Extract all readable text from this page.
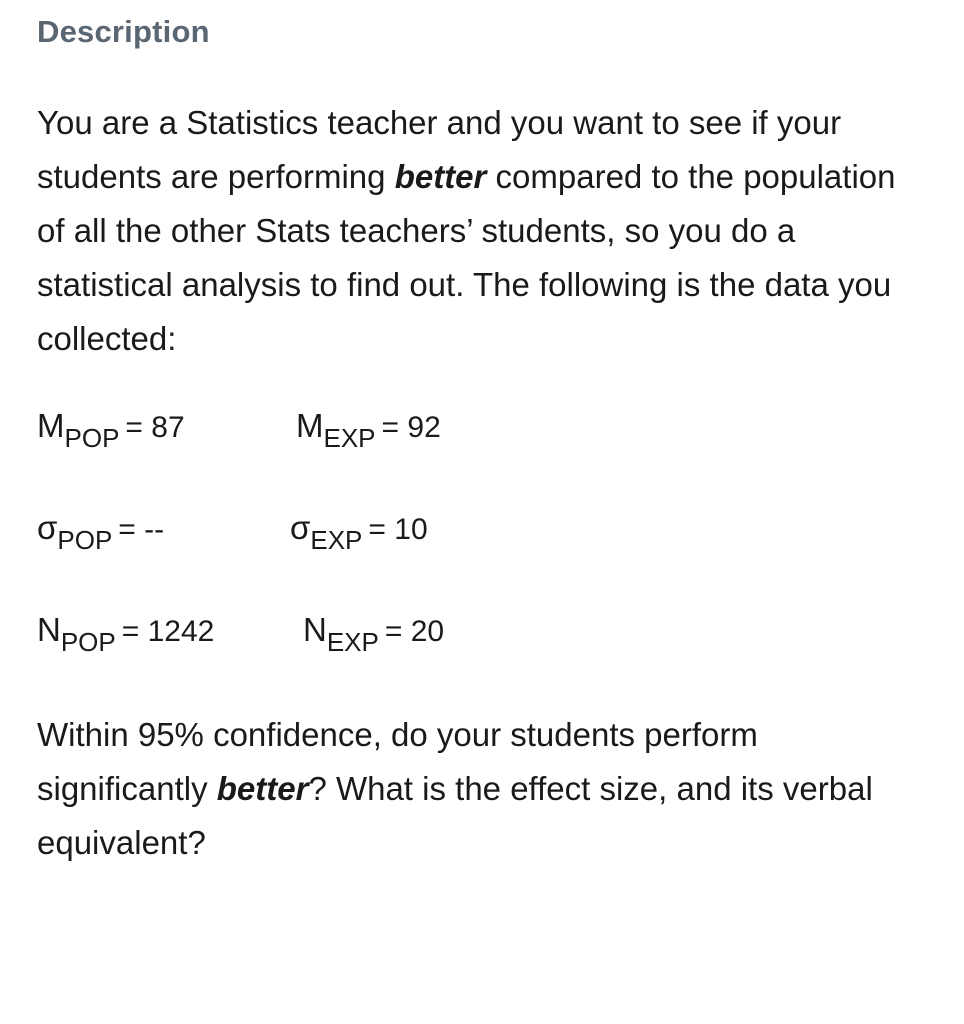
Description

You are a Statistics teacher and you want to see if your students are performing better compared to the population of all the other Stats teachers’ students, so you do a statistical analysis to find out. The following is the data you collected:

$M_{POP} = 87$	$M_{EXP} = 92$
$\sigma_{POP}$ = --	$\sigma_{EXP} = 10$
$N_{POP} = 1242$	$N_{EXP} = 20$

Within 95% confidence, do your students perform significantly better? What is the effect size, and its verbal equivalent?
